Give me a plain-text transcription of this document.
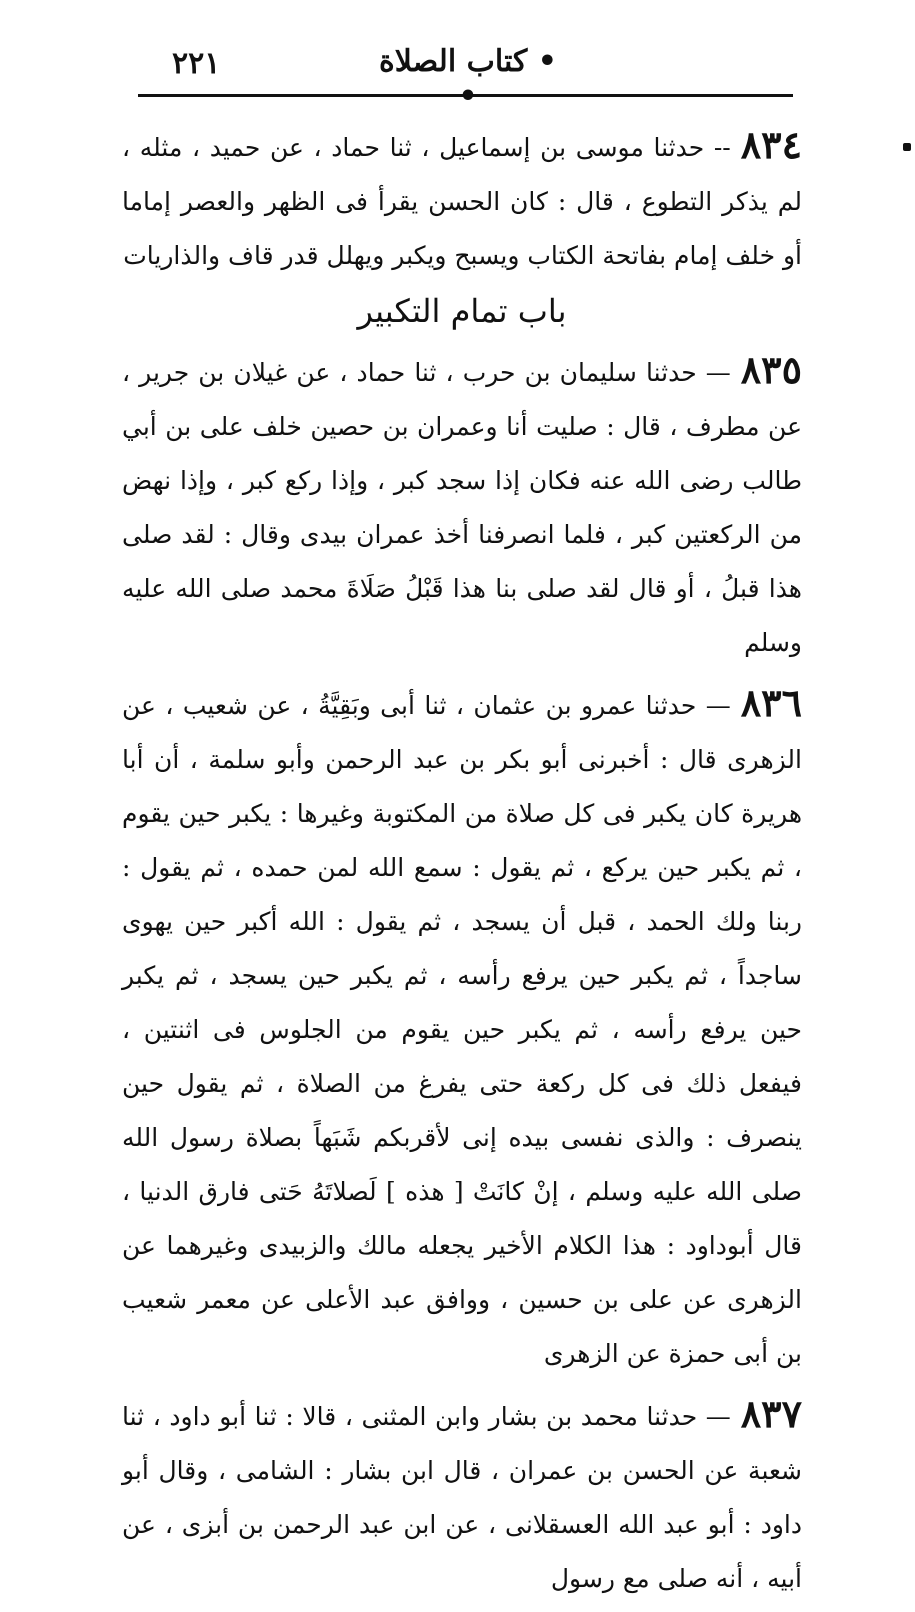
٢٢١	• كتاب الصلاة •

٨٣٤-- حدثنا موسى بن إسماعيل ، ثنا حماد ، عن حميد ، مثله ، لم يذكر التطوع ، قال : كان الحسن يقرأ فى الظهر والعصر إماما أو خلف إمام بفاتحة الكتاب ويسبح ويكبر ويهلل قدر قاف والذاريات

باب تمام التكبير

٨٣٥— حدثنا سليمان بن حرب ، ثنا حماد ، عن غيلان بن جرير ، عن مطرف ، قال : صليت أنا وعمران بن حصين خلف على بن أبي طالب رضى الله عنه فكان إذا سجد كبر ، وإذا ركع كبر ، وإذا نهض من الركعتين كبر ، فلما انصرفنا أخذ عمران بيدى وقال : لقد صلى هذا قبلُ ، أو قال لقد صلى بنا هذا قَبْلُ صَلَاةَ محمد صلى الله عليه وسلم

٨٣٦— حدثنا عمرو بن عثمان ، ثنا أبى وبَقِيَّةُ ، عن شعيب ، عن الزهرى قال : أخبرنى أبو بكر بن عبد الرحمن وأبو سلمة ، أن أبا هريرة كان يكبر فى كل صلاة من المكتوبة وغيرها : يكبر حين يقوم ، ثم يكبر حين يركع ، ثم يقول : سمع الله لمن حمده ، ثم يقول : ربنا ولك الحمد ، قبل أن يسجد ، ثم يقول : الله أكبر حين يهوى ساجداً ، ثم يكبر حين يرفع رأسه ، ثم يكبر حين يسجد ، ثم يكبر حين يرفع رأسه ، ثم يكبر حين يقوم من الجلوس فى اثنتين ، فيفعل ذلك فى كل ركعة حتى يفرغ من الصلاة ، ثم يقول حين ينصرف : والذى نفسى بيده إنى لأقربكم شَبَهاً بصلاة رسول الله صلى الله عليه وسلم ، إنْ كانَتْ [ هذه ] لَصلاتَهُ حَتى فارق الدنيا ، قال أبوداود : هذا الكلام الأخير يجعله مالك والزبيدى وغيرهما عن الزهرى عن على بن حسين ، ووافق عبد الأعلى عن معمر شعيب بن أبى حمزة عن الزهرى

٨٣٧— حدثنا محمد بن بشار وابن المثنى ، قالا : ثنا أبو داود ، ثنا شعبة عن الحسن بن عمران ، قال ابن بشار : الشامى ، وقال أبو داود : أبو عبد الله العسقلانى ، عن ابن عبد الرحمن بن أبزى ، عن أبيه ، أنه صلى مع رسول
